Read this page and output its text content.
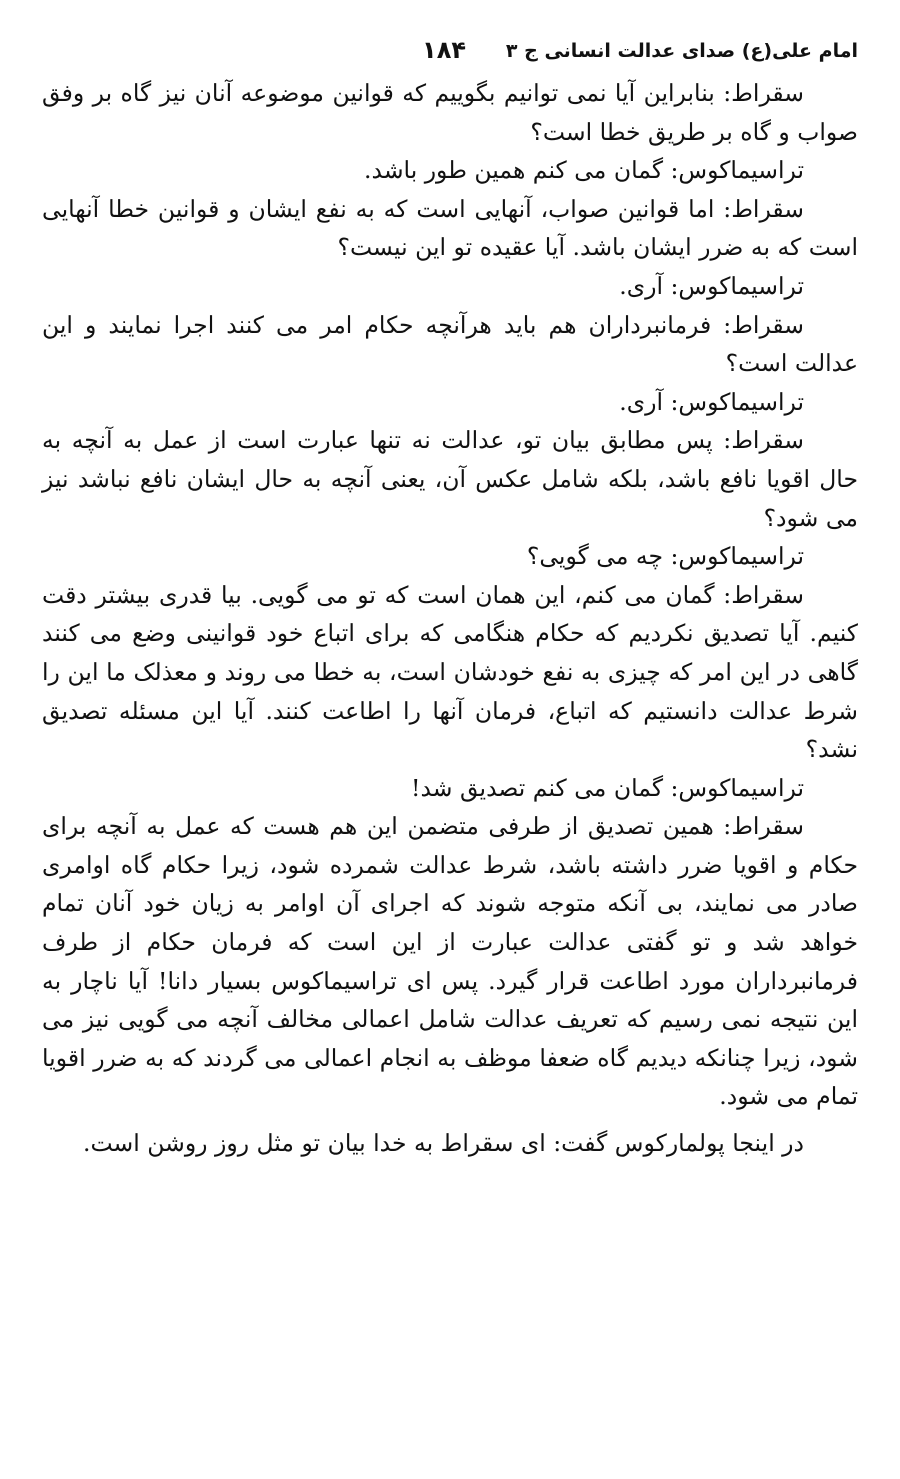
امام علی(ع) صدای عدالت انسانی ج ۳
۱۸۴

سقراط: بنابراین آیا نمی توانیم بگوییم که قوانین موضوعه آنان نیز گاه بر وفق صواب و گاه بر طریق خطا است؟

تراسیماکوس: گمان می کنم همین طور باشد.

سقراط: اما قوانین صواب، آنهایی است که به نفع ایشان و قوانین خطا آنهایی است که به ضرر ایشان باشد. آیا عقیده تو این نیست؟

تراسیماکوس: آری.

سقراط: فرمانبرداران هم باید هرآنچه حکام امر می کنند اجرا نمایند و این عدالت است؟

تراسیماکوس: آری.

سقراط: پس مطابق بیان تو، عدالت نه تنها عبارت است از عمل به آنچه به حال اقویا نافع باشد، بلکه شامل عکس آن، یعنی آنچه به حال ایشان نافع نباشد نیز می شود؟

تراسیماکوس: چه می گویی؟

سقراط: گمان می کنم، این همان است که تو می گویی. بیا قدری بیشتر دقت کنیم. آیا تصدیق نکردیم که حکام هنگامی که برای اتباع خود قوانینی وضع می کنند گاهی در این امر که چیزی به نفع خودشان است، به خطا می روند و معذلک ما این را شرط عدالت دانستیم که اتباع، فرمان آنها را اطاعت کنند. آیا این مسئله تصدیق نشد؟

تراسیماکوس: گمان می کنم تصدیق شد!

سقراط: همین تصدیق از طرفی متضمن این هم هست که عمل به آنچه برای حکام و اقویا ضرر داشته باشد، شرط عدالت شمرده شود، زیرا حکام گاه اوامری صادر می نمایند، بی آنکه متوجه شوند که اجرای آن اوامر به زیان خود آنان تمام خواهد شد و تو گفتی عدالت عبارت از این است که فرمان حکام از طرف فرمانبرداران مورد اطاعت قرار گیرد. پس ای تراسیماکوس بسیار دانا! آیا ناچار به این نتیجه نمی رسیم که تعریف عدالت شامل اعمالی مخالف آنچه می گویی نیز می شود، زیرا چنانکه دیدیم گاه ضعفا موظف به انجام اعمالی می گردند که به ضرر اقویا تمام می شود.

در اینجا پولمارکوس گفت: ای سقراط به خدا بیان تو مثل روز روشن است.
